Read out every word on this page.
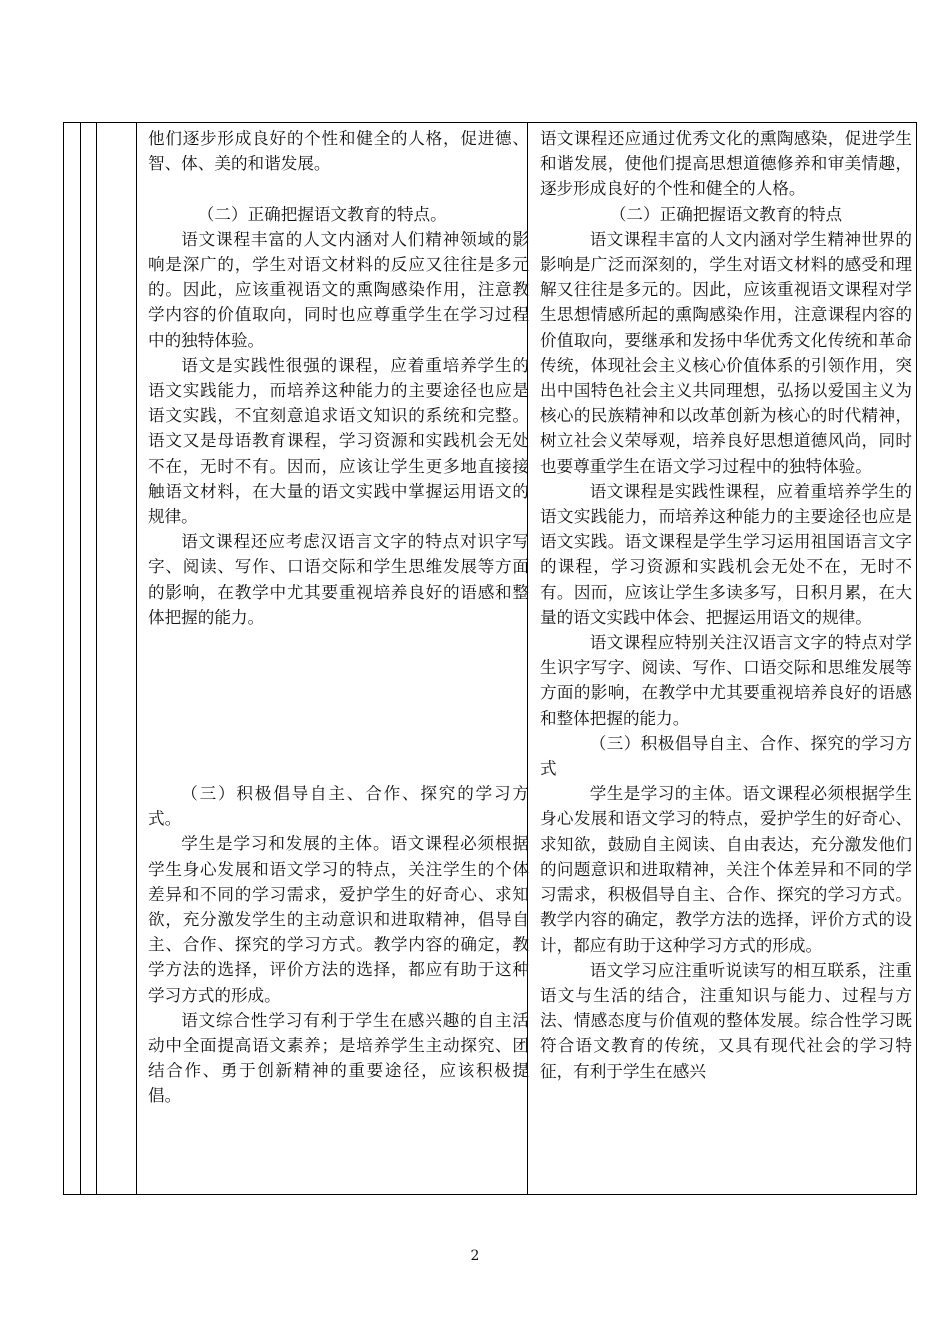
他们逐步形成良好的个性和健全的人格，促进德、智、体、美的和谐发展。

（二）正确把握语文教育的特点。

语文课程丰富的人文内涵对人们精神领域的影响是深广的，学生对语文材料的反应又往往是多元的。因此，应该重视语文的熏陶感染作用，注意教学内容的价值取向，同时也应尊重学生在学习过程中的独特体验。

语文是实践性很强的课程，应着重培养学生的语文实践能力，而培养这种能力的主要途径也应是语文实践，不宜刻意追求语文知识的系统和完整。语文又是母语教育课程，学习资源和实践机会无处不在，无时不有。因而，应该让学生更多地直接接触语文材料，在大量的语文实践中掌握运用语文的规律。

语文课程还应考虑汉语言文字的特点对识字写字、阅读、写作、口语交际和学生思维发展等方面的影响，在教学中尤其要重视培养良好的语感和整体把握的能力。

（三）积极倡导自主、合作、探究的学习方式。

学生是学习和发展的主体。语文课程必须根据学生身心发展和语文学习的特点，关注学生的个体差异和不同的学习需求，爱护学生的好奇心、求知欲，充分激发学生的主动意识和进取精神，倡导自主、合作、探究的学习方式。教学内容的确定，教学方法的选择，评价方法的选择，都应有助于这种学习方式的形成。

语文综合性学习有利于学生在感兴趣的自主活动中全面提高语文素养；是培养学生主动探究、团结合作、勇于创新精神的重要途径，应该积极提倡。

语文课程还应通过优秀文化的熏陶感染，促进学生和谐发展，使他们提高思想道德修养和审美情趣，逐步形成良好的个性和健全的人格。

（二）正确把握语文教育的特点

语文课程丰富的人文内涵对学生精神世界的影响是广泛而深刻的，学生对语文材料的感受和理解又往往是多元的。因此，应该重视语文课程对学生思想情感所起的熏陶感染作用，注意课程内容的价值取向，要继承和发扬中华优秀文化传统和革命传统，体现社会主义核心价值体系的引领作用，突出中国特色社会主义共同理想，弘扬以爱国主义为核心的民族精神和以改革创新为核心的时代精神，树立社会义荣辱观，培养良好思想道德风尚，同时也要尊重学生在语文学习过程中的独特体验。

语文课程是实践性课程，应着重培养学生的语文实践能力，而培养这种能力的主要途径也应是语文实践。语文课程是学生学习运用祖国语言文字的课程，学习资源和实践机会无处不在，无时不有。因而，应该让学生多读多写，日积月累，在大量的语文实践中体会、把握运用语文的规律。

语文课程应特别关注汉语言文字的特点对学生识字写字、阅读、写作、口语交际和思维发展等方面的影响，在教学中尤其要重视培养良好的语感和整体把握的能力。

（三）积极倡导自主、合作、探究的学习方式

学生是学习的主体。语文课程必须根据学生身心发展和语文学习的特点，爱护学生的好奇心、求知欲，鼓励自主阅读、自由表达，充分激发他们的问题意识和进取精神，关注个体差异和不同的学习需求，积极倡导自主、合作、探究的学习方式。教学内容的确定，教学方法的选择，评价方式的设计，都应有助于这种学习方式的形成。

语文学习应注重听说读写的相互联系，注重语文与生活的结合，注重知识与能力、过程与方法、情感态度与价值观的整体发展。综合性学习既符合语文教育的传统，又具有现代社会的学习特征，有利于学生在感兴

2
